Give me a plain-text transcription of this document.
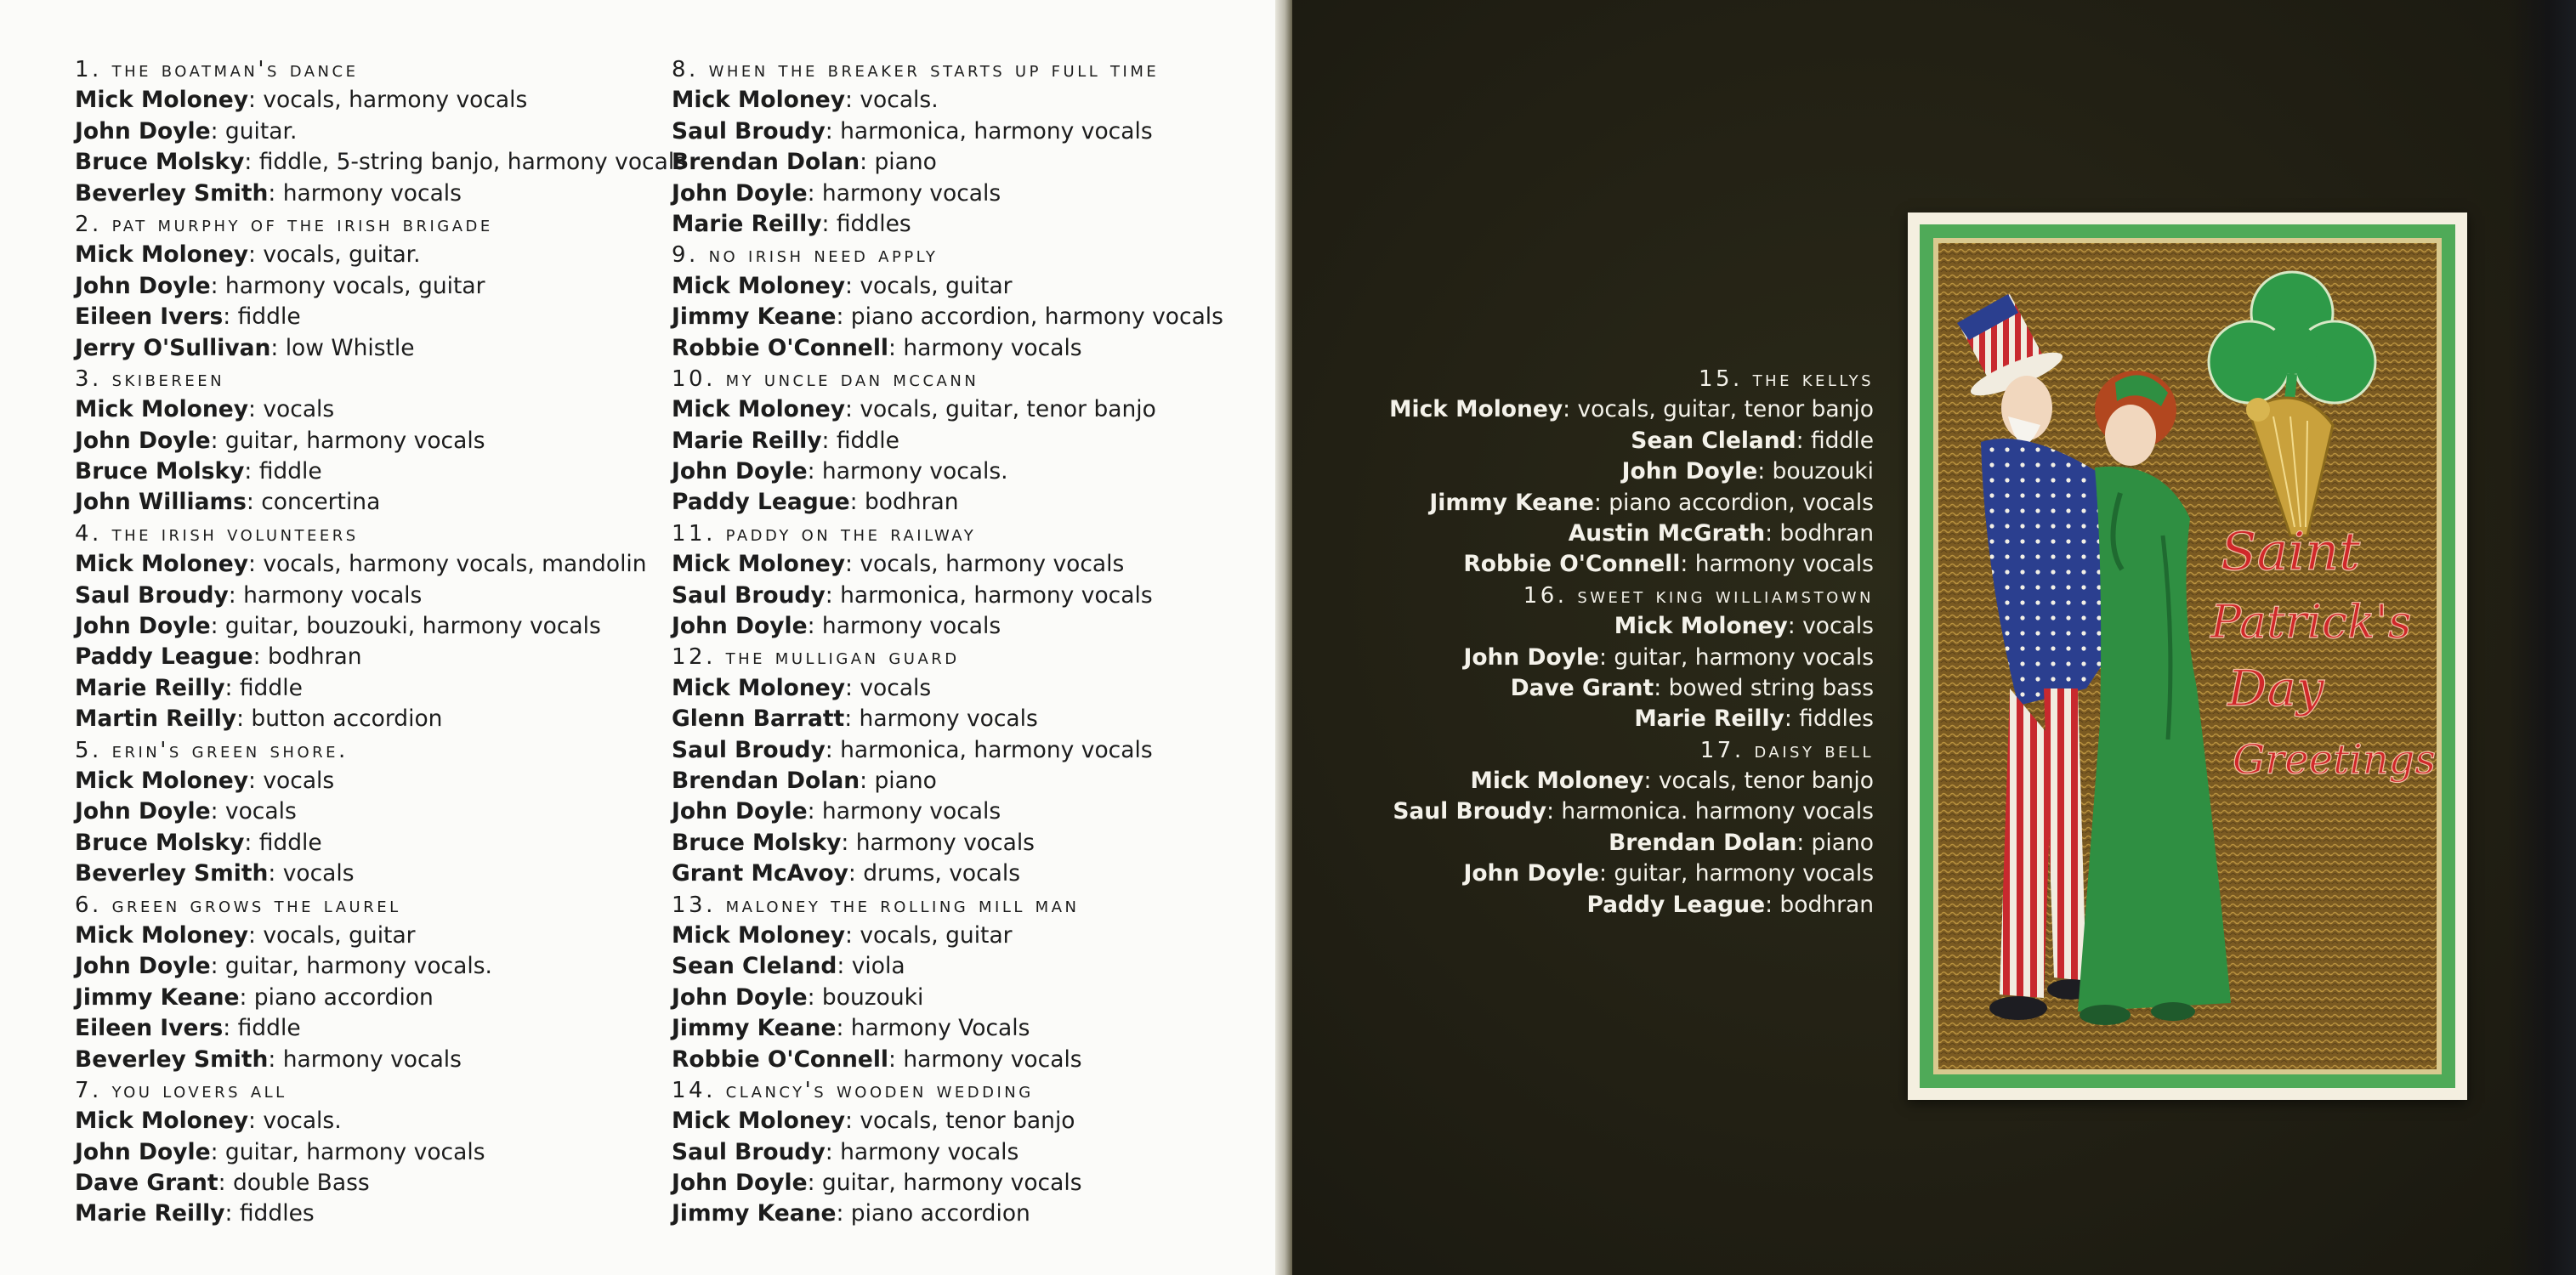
1. the boatman's dance
Mick Moloney: vocals, harmony vocals
John Doyle: guitar.
Bruce Molsky: fiddle, 5-string banjo, harmony vocals
Beverley Smith: harmony vocals
2. pat murphy of the irish brigade
Mick Moloney: vocals, guitar.
John Doyle: harmony vocals, guitar
Eileen Ivers: fiddle
Jerry O'Sullivan: low Whistle
3. skibereen
Mick Moloney: vocals
John Doyle: guitar, harmony vocals
Bruce Molsky: fiddle
John Williams: concertina
4. the irish volunteers
Mick Moloney: vocals, harmony vocals, mandolin
Saul Broudy: harmony vocals
John Doyle: guitar, bouzouki, harmony vocals
Paddy League: bodhran
Marie Reilly: fiddle
Martin Reilly: button accordion
5. erin's green shore.
Mick Moloney: vocals
John Doyle: vocals
Bruce Molsky: fiddle
Beverley Smith: vocals
6. green grows the laurel
Mick Moloney: vocals, guitar
John Doyle: guitar, harmony vocals.
Jimmy Keane: piano accordion
Eileen Ivers: fiddle
Beverley Smith: harmony vocals
7. you lovers all
Mick Moloney: vocals.
John Doyle: guitar, harmony vocals
Dave Grant: double Bass
Marie Reilly: fiddles
8. when the breaker starts up full time
Mick Moloney: vocals.
Saul Broudy: harmonica, harmony vocals
Brendan Dolan: piano
John Doyle: harmony vocals
Marie Reilly: fiddles
9. no irish need apply
Mick Moloney: vocals, guitar
Jimmy Keane: piano accordion, harmony vocals
Robbie O'Connell: harmony vocals
10. my uncle dan mccann
Mick Moloney: vocals, guitar, tenor banjo
Marie Reilly: fiddle
John Doyle: harmony vocals.
Paddy League: bodhran
11. paddy on the railway
Mick Moloney: vocals, harmony vocals
Saul Broudy: harmonica, harmony vocals
John Doyle: harmony vocals
12. the mulligan guard
Mick Moloney: vocals
Glenn Barratt: harmony vocals
Saul Broudy: harmonica, harmony vocals
Brendan Dolan: piano
John Doyle: harmony vocals
Bruce Molsky: harmony vocals
Grant McAvoy: drums, vocals
13. maloney the rolling mill man
Mick Moloney: vocals, guitar
Sean Cleland: viola
John Doyle: bouzouki
Jimmy Keane: harmony Vocals
Robbie O'Connell: harmony vocals
14. clancy's wooden wedding
Mick Moloney: vocals, tenor banjo
Saul Broudy: harmony vocals
John Doyle: guitar, harmony vocals
Jimmy Keane: piano accordion
15. the kellys
Mick Moloney: vocals, guitar, tenor banjo
Sean Cleland: fiddle
John Doyle: bouzouki
Jimmy Keane: piano accordion, vocals
Austin McGrath: bodhran
Robbie O'Connell: harmony vocals
16. sweet king williamstown
Mick Moloney: vocals
John Doyle: guitar, harmony vocals
Dave Grant: bowed string bass
Marie Reilly: fiddles
17. daisy bell
Mick Moloney: vocals, tenor banjo
Saul Broudy: harmonica. harmony vocals
Brendan Dolan: piano
John Doyle: guitar, harmony vocals
Paddy League: bodhran
Saint
Patrick's
Day
Greetings
